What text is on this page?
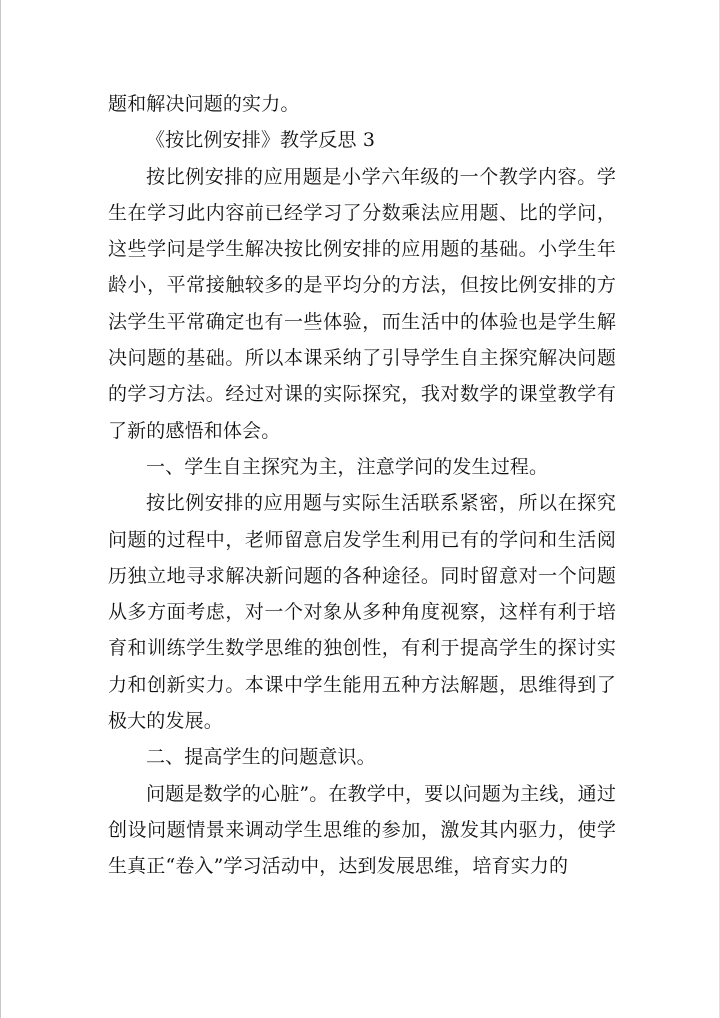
题和解决问题的实力。

《按比例安排》教学反思 3

按比例安排的应用题是小学六年级的一个教学内容。学生在学习此内容前已经学习了分数乘法应用题、比的学问，这些学问是学生解决按比例安排的应用题的基础。小学生年龄小，平常接触较多的是平均分的方法，但按比例安排的方法学生平常确定也有一些体验，而生活中的体验也是学生解决问题的基础。所以本课采纳了引导学生自主探究解决问题的学习方法。经过对课的实际探究，我对数学的课堂教学有了新的感悟和体会。

一、学生自主探究为主，注意学问的发生过程。

按比例安排的应用题与实际生活联系紧密，所以在探究问题的过程中，老师留意启发学生利用已有的学问和生活阅历独立地寻求解决新问题的各种途径。同时留意对一个问题从多方面考虑，对一个对象从多种角度视察，这样有利于培育和训练学生数学思维的独创性，有利于提高学生的探讨实力和创新实力。本课中学生能用五种方法解题，思维得到了极大的发展。

二、提高学生的问题意识。

问题是数学的心脏”。在教学中，要以问题为主线，通过创设问题情景来调动学生思维的参加，激发其内驱力，使学生真正“卷入”学习活动中，达到发展思维，培育实力的
